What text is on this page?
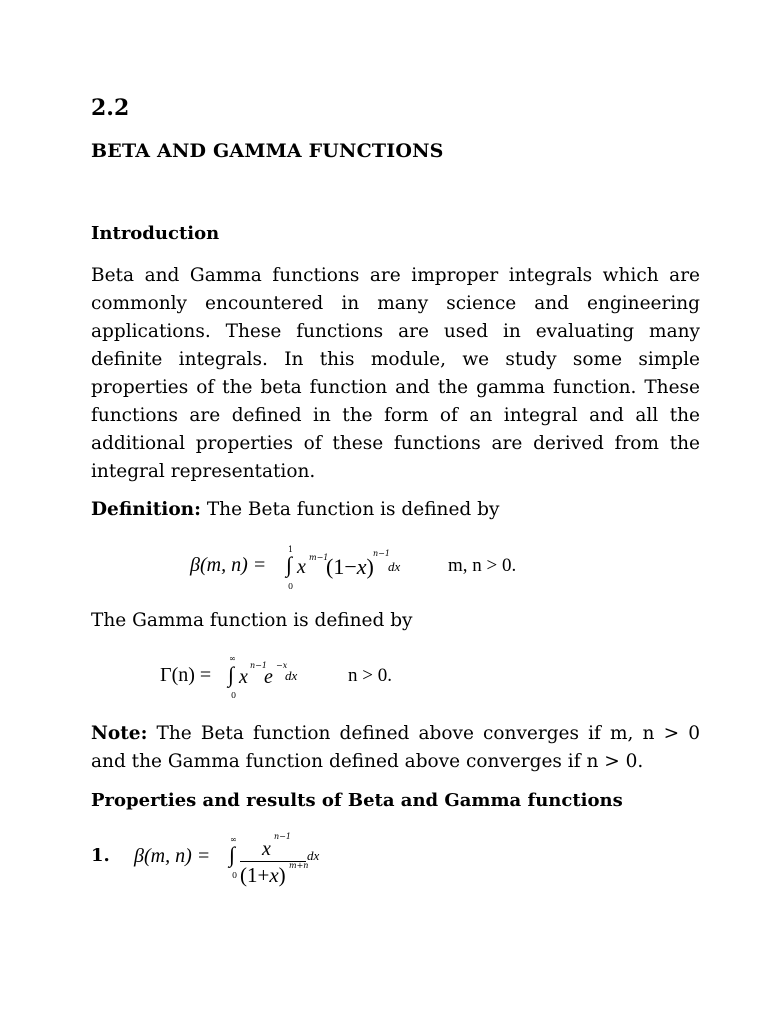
2.2
BETA AND GAMMA FUNCTIONS
Introduction
Beta and Gamma functions are improper integrals which are commonly encountered in many science and engineering applications. These functions are used in evaluating many definite integrals. In this module, we study some simple properties of the beta function and the gamma function. These functions are defined in the form of an integral and all the additional properties of these functions are derived from the integral representation.
Definition: The Beta function is defined by
β(m, n) = ∫
1
0
x m−1
(1−x)
n−1
dx	m, n > 0.
The Gamma function is defined by
Γ(n) = ∫
∞
0
x
n−1
e
−x
dx	n > 0.
Note: The Beta function defined above converges if m, n > 0 and the Gamma function defined above converges if n > 0.
Properties and results of Beta and Gamma functions
1. β(m, n) = ∫
∞
0
n−1
x
(1+x) m+n
dx
